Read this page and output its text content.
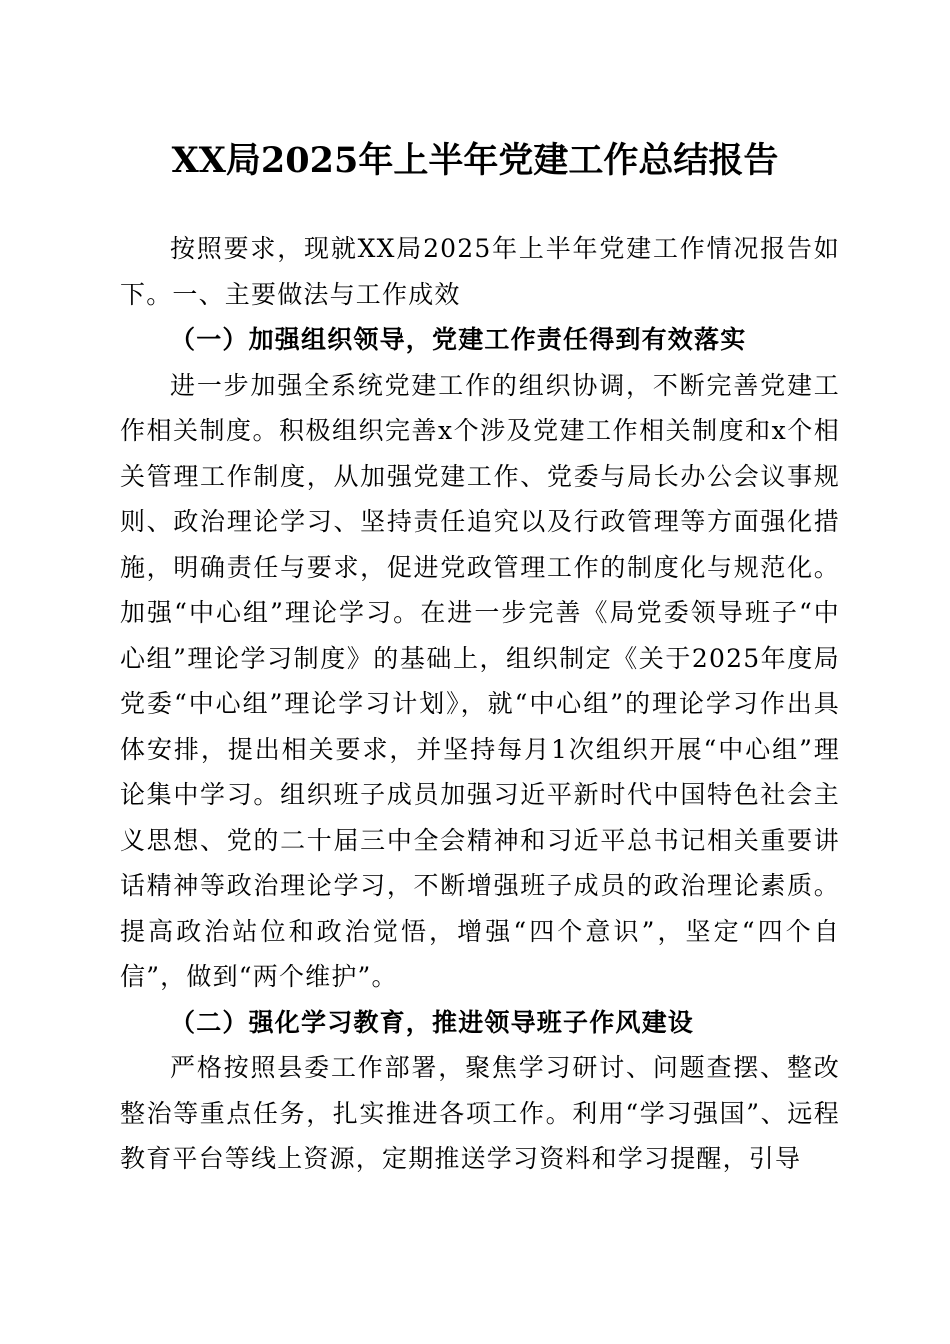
XX局2025年上半年党建工作总结报告

按照要求，现就XX局2025年上半年党建工作情况报告如下。一、主要做法与工作成效

（一）加强组织领导，党建工作责任得到有效落实

进一步加强全系统党建工作的组织协调，不断完善党建工作相关制度。积极组织完善x个涉及党建工作相关制度和x个相关管理工作制度，从加强党建工作、党委与局长办公会议事规则、政治理论学习、坚持责任追究以及行政管理等方面强化措施，明确责任与要求，促进党政管理工作的制度化与规范化。加强“中心组”理论学习。在进一步完善《局党委领导班子“中心组”理论学习制度》的基础上，组织制定《关于2025年度局党委“中心组”理论学习计划》，就“中心组”的理论学习作出具体安排，提出相关要求，并坚持每月1次组织开展“中心组”理论集中学习。组织班子成员加强习近平新时代中国特色社会主义思想、党的二十届三中全会精神和习近平总书记相关重要讲话精神等政治理论学习，不断增强班子成员的政治理论素质。提高政治站位和政治觉悟，增强“四个意识”，坚定“四个自信”，做到“两个维护”。

（二）强化学习教育，推进领导班子作风建设

严格按照县委工作部署，聚焦学习研讨、问题查摆、整改整治等重点任务，扎实推进各项工作。利用“学习强国”、远程教育平台等线上资源，定期推送学习资料和学习提醒，引导
